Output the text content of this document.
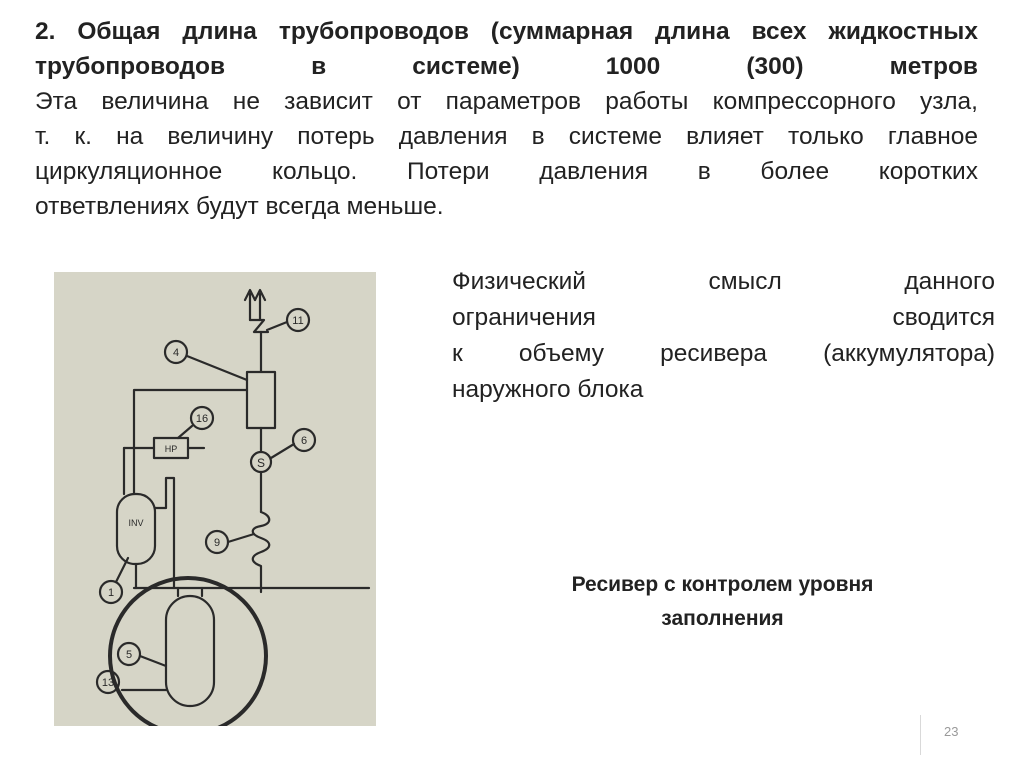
2. Общая длина трубопроводов (суммарная длина всех жидкостных
трубопроводов в системе) 1000 (300) метров
Эта величина не зависит от параметров работы компрессорного узла,
т. к. на величину потерь давления в системе влияет только главное
циркуляционное кольцо. Потери давления в более коротких
ответвлениях будут всегда меньше.
11
4
16
HP
6
S
INV
9
1
5
13
Физический смысл данного
ограничения сводится
к объему ресивера (аккумулятора)
наружного блока
Ресивер с контролем уровня
заполнения
23
